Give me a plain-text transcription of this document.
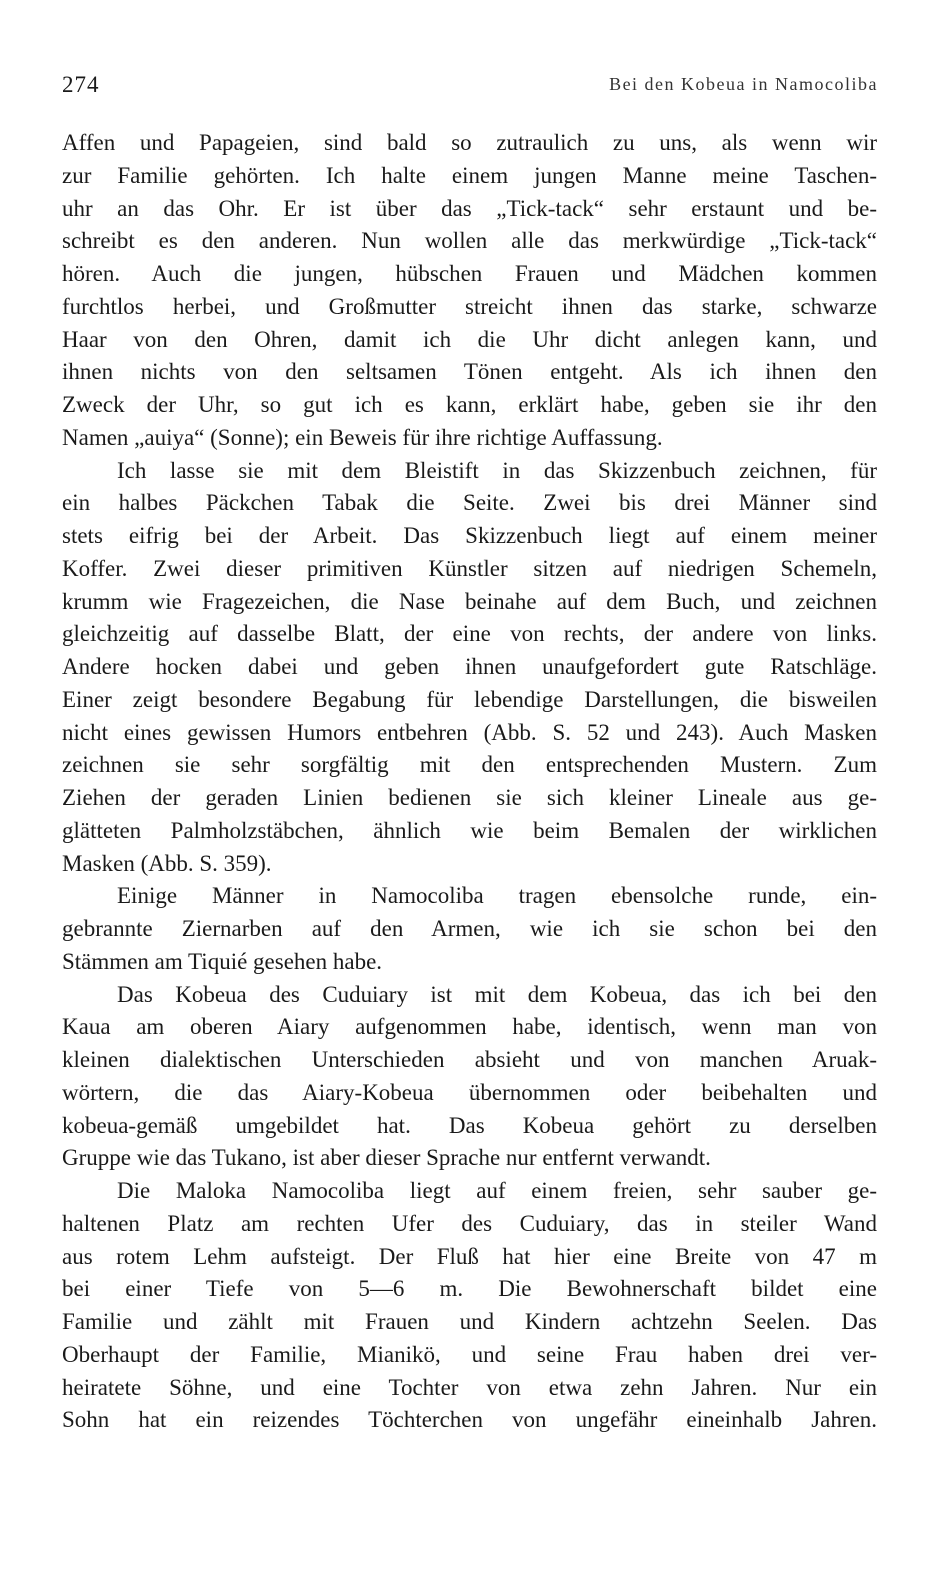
274	Bei den Kobeua in Namocoliba
Affen und Papageien, sind bald so zutraulich zu uns, als wenn wir
zur Familie gehörten. Ich halte einem jungen Manne meine Taschen-
uhr an das Ohr. Er ist über das „Tick-tack“ sehr erstaunt und be-
schreibt es den anderen. Nun wollen alle das merkwürdige „Tick-tack“
hören. Auch die jungen, hübschen Frauen und Mädchen kommen
furchtlos herbei, und Großmutter streicht ihnen das starke, schwarze
Haar von den Ohren, damit ich die Uhr dicht anlegen kann, und
ihnen nichts von den seltsamen Tönen entgeht. Als ich ihnen den
Zweck der Uhr, so gut ich es kann, erklärt habe, geben sie ihr den
Namen „auiya“ (Sonne); ein Beweis für ihre richtige Auffassung.
Ich lasse sie mit dem Bleistift in das Skizzenbuch zeichnen, für
ein halbes Päckchen Tabak die Seite. Zwei bis drei Männer sind
stets eifrig bei der Arbeit. Das Skizzenbuch liegt auf einem meiner
Koffer. Zwei dieser primitiven Künstler sitzen auf niedrigen Schemeln,
krumm wie Fragezeichen, die Nase beinahe auf dem Buch, und zeichnen
gleichzeitig auf dasselbe Blatt, der eine von rechts, der andere von links.
Andere hocken dabei und geben ihnen unaufgefordert gute Ratschläge.
Einer zeigt besondere Begabung für lebendige Darstellungen, die bisweilen
nicht eines gewissen Humors entbehren (Abb. S. 52 und 243). Auch Masken
zeichnen sie sehr sorgfältig mit den entsprechenden Mustern. Zum
Ziehen der geraden Linien bedienen sie sich kleiner Lineale aus ge-
glätteten Palmholzstäbchen, ähnlich wie beim Bemalen der wirklichen
Masken (Abb. S. 359).
Einige Männer in Namocoliba tragen ebensolche runde, ein-
gebrannte Ziernarben auf den Armen, wie ich sie schon bei den
Stämmen am Tiquié gesehen habe.
Das Kobeua des Cuduiary ist mit dem Kobeua, das ich bei den
Kaua am oberen Aiary aufgenommen habe, identisch, wenn man von
kleinen dialektischen Unterschieden absieht und von manchen Aruak-
wörtern, die das Aiary-Kobeua übernommen oder beibehalten und
kobeua-gemäß umgebildet hat. Das Kobeua gehört zu derselben
Gruppe wie das Tukano, ist aber dieser Sprache nur entfernt verwandt.
Die Maloka Namocoliba liegt auf einem freien, sehr sauber ge-
haltenen Platz am rechten Ufer des Cuduiary, das in steiler Wand
aus rotem Lehm aufsteigt. Der Fluß hat hier eine Breite von 47 m
bei einer Tiefe von 5—6 m. Die Bewohnerschaft bildet eine
Familie und zählt mit Frauen und Kindern achtzehn Seelen. Das
Oberhaupt der Familie, Mianikö, und seine Frau haben drei ver-
heiratete Söhne, und eine Tochter von etwa zehn Jahren. Nur ein
Sohn hat ein reizendes Töchterchen von ungefähr eineinhalb Jahren.
